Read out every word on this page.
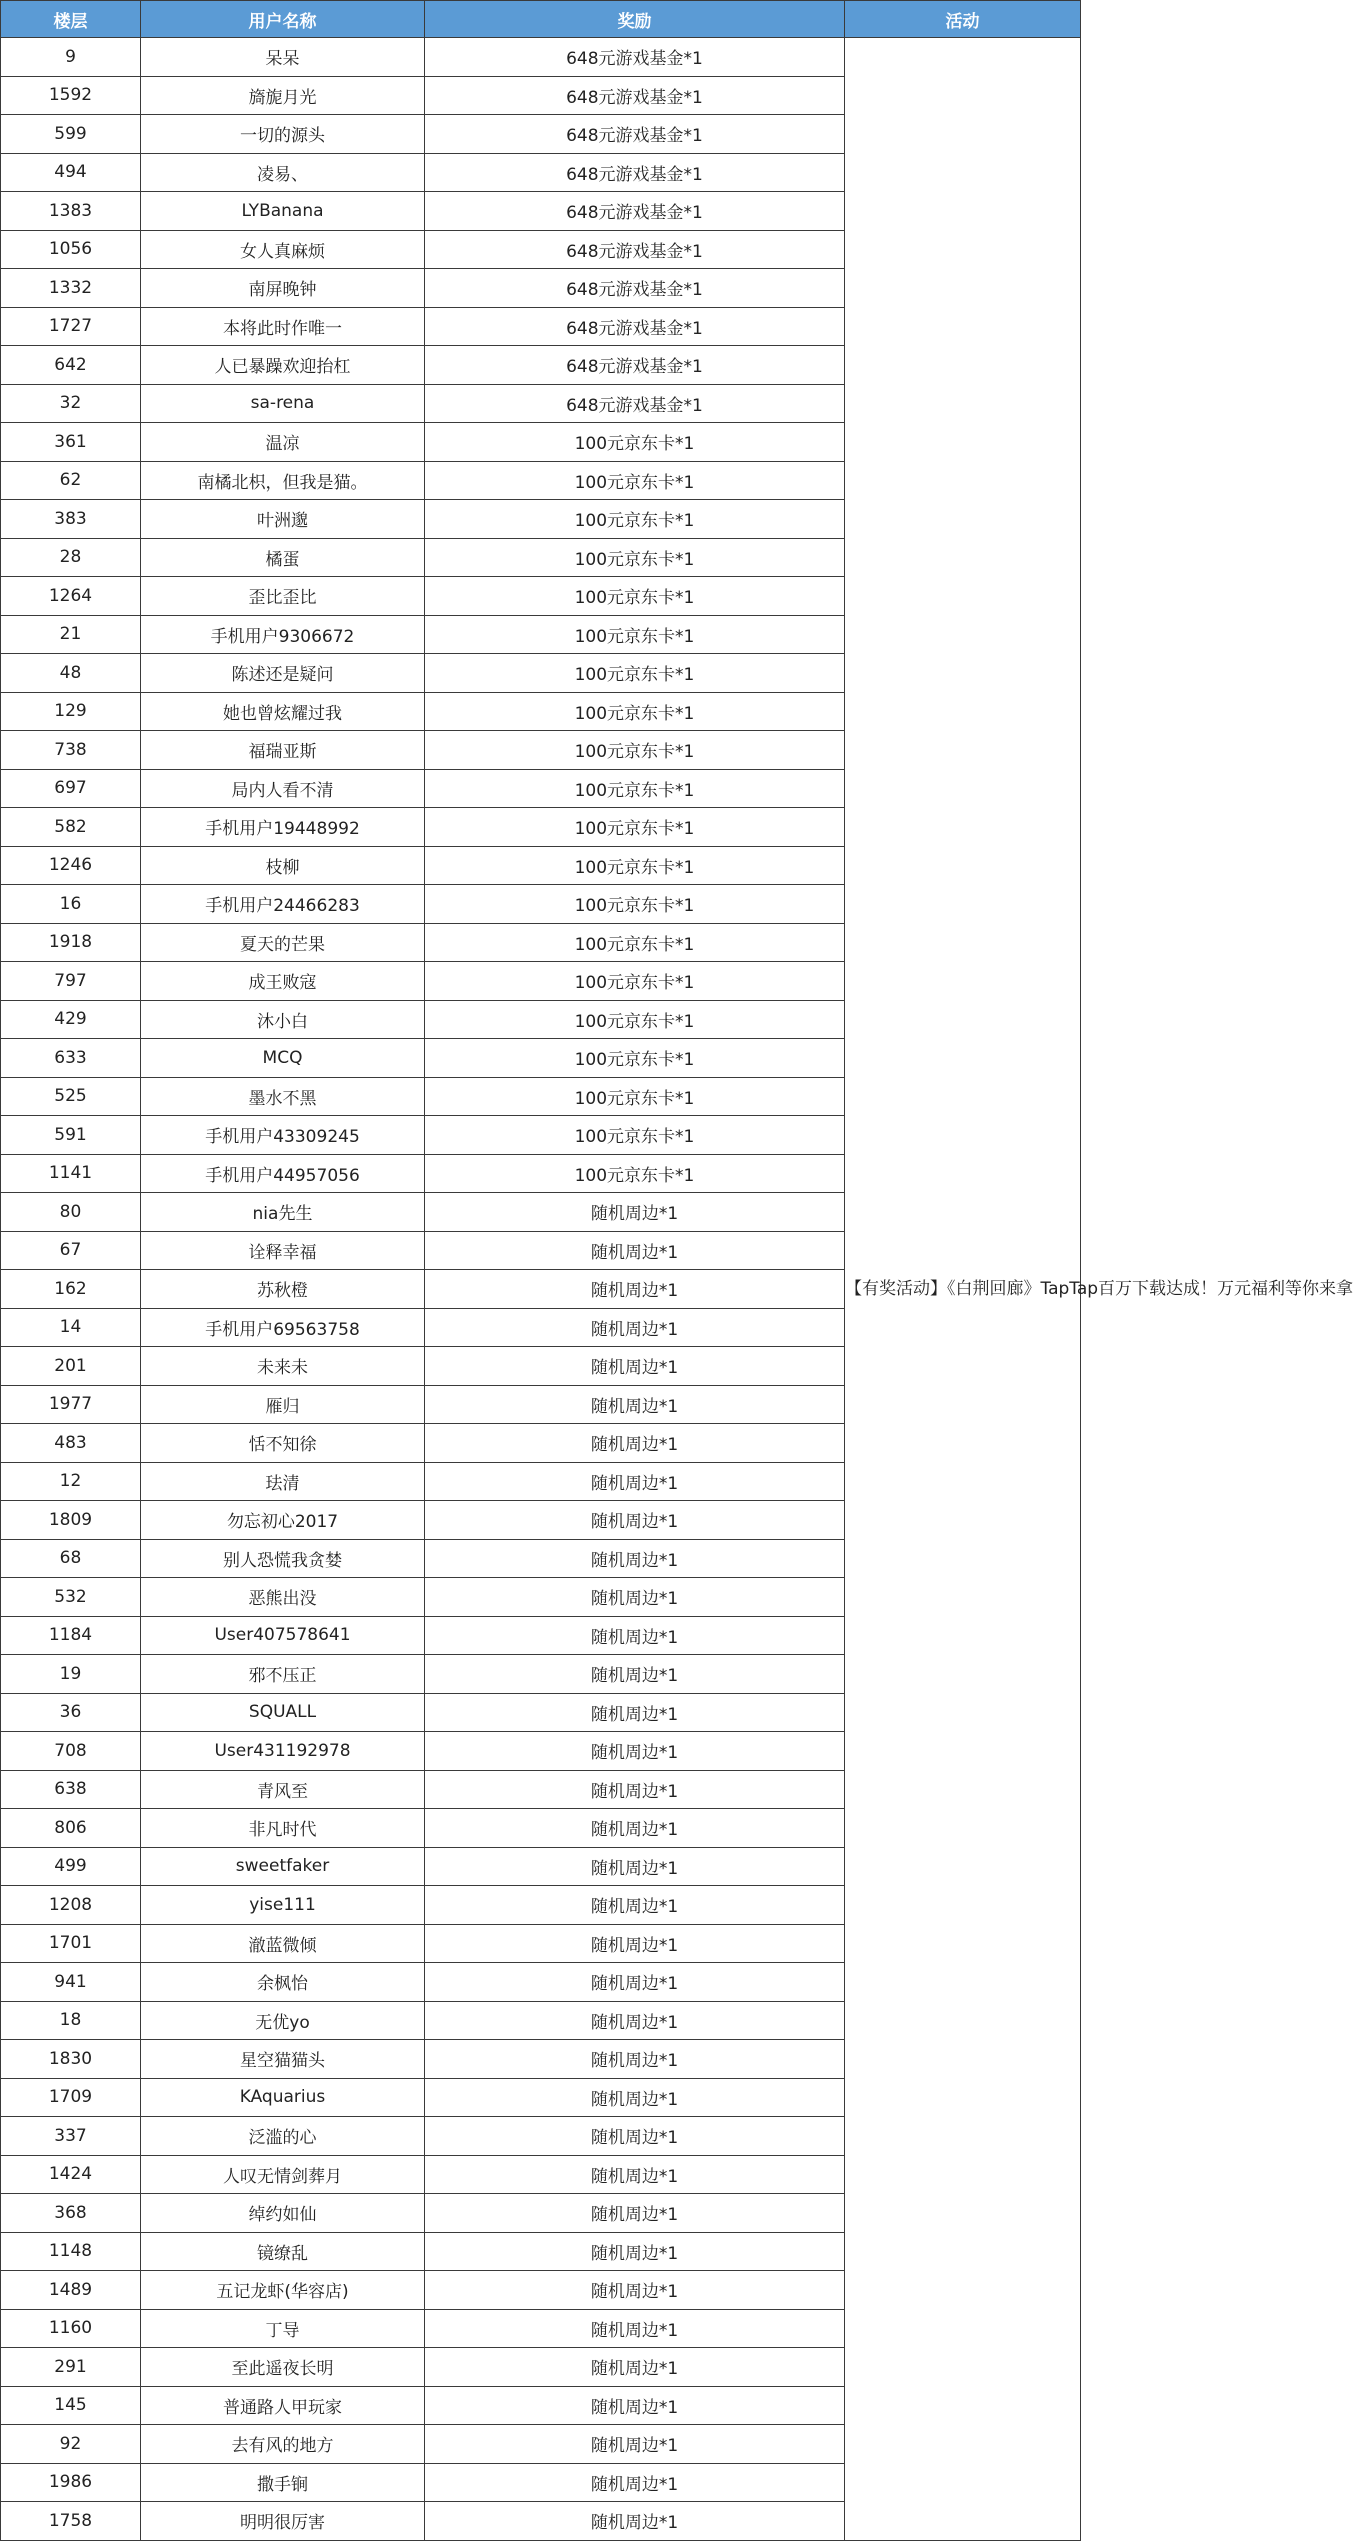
楼层	用户名称	奖励	活动
9	呆呆	648元游戏基金*1	【有奖活动】《白荆回廊》TapTap百万下载达成！万元福利等你来拿
1592	旖旎月光	648元游戏基金*1	
599	一切的源头	648元游戏基金*1	
494	凌易、	648元游戏基金*1	
1383	LYBanana	648元游戏基金*1	
1056	女人真麻烦	648元游戏基金*1	
1332	南屏晚钟	648元游戏基金*1	
1727	本将此时作唯一	648元游戏基金*1	
642	人已暴躁欢迎抬杠	648元游戏基金*1	
32	sa-rena	648元游戏基金*1	
361	温凉	100元京东卡*1	
62	南橘北枳，但我是猫。	100元京东卡*1	
383	叶洲邈	100元京东卡*1	
28	橘蛋	100元京东卡*1	
1264	歪比歪比	100元京东卡*1	
21	手机用户9306672	100元京东卡*1	
48	陈述还是疑问	100元京东卡*1	
129	她也曾炫耀过我	100元京东卡*1	
738	福瑞亚斯	100元京东卡*1	
697	局内人看不清	100元京东卡*1	
582	手机用户19448992	100元京东卡*1	
1246	枝柳	100元京东卡*1	
16	手机用户24466283	100元京东卡*1	
1918	夏天的芒果	100元京东卡*1	
797	成王败寇	100元京东卡*1	
429	沐小白	100元京东卡*1	
633	MCQ	100元京东卡*1	
525	墨水不黑	100元京东卡*1	
591	手机用户43309245	100元京东卡*1	
1141	手机用户44957056	100元京东卡*1	
80	nia先生	随机周边*1	
67	诠释幸福	随机周边*1	
162	苏秋橙	随机周边*1	
14	手机用户69563758	随机周边*1	
201	未来未	随机周边*1	
1977	雁归	随机周边*1	
483	恬不知徐	随机周边*1	
12	珐清	随机周边*1	
1809	勿忘初心2017	随机周边*1	
68	别人恐慌我贪婪	随机周边*1	
532	恶熊出没	随机周边*1	
1184	User407578641	随机周边*1	
19	邪不压正	随机周边*1	
36	SQUALL	随机周边*1	
708	User431192978	随机周边*1	
638	青风至	随机周边*1	
806	非凡时代	随机周边*1	
499	sweetfaker	随机周边*1	
1208	yise111	随机周边*1	
1701	澈蓝微倾	随机周边*1	
941	余枫怡	随机周边*1	
18	无优yo	随机周边*1	
1830	星空猫猫头	随机周边*1	
1709	KAquarius	随机周边*1	
337	泛滥的心	随机周边*1	
1424	人叹无情剑葬月	随机周边*1	
368	绰约如仙	随机周边*1	
1148	镜缭乱	随机周边*1	
1489	五记龙虾(华容店)	随机周边*1	
1160	丁导	随机周边*1	
291	至此遥夜长明	随机周边*1	
145	普通路人甲玩家	随机周边*1	
92	去有风的地方	随机周边*1	
1986	撒手锏	随机周边*1	
1758	明明很厉害	随机周边*1	
